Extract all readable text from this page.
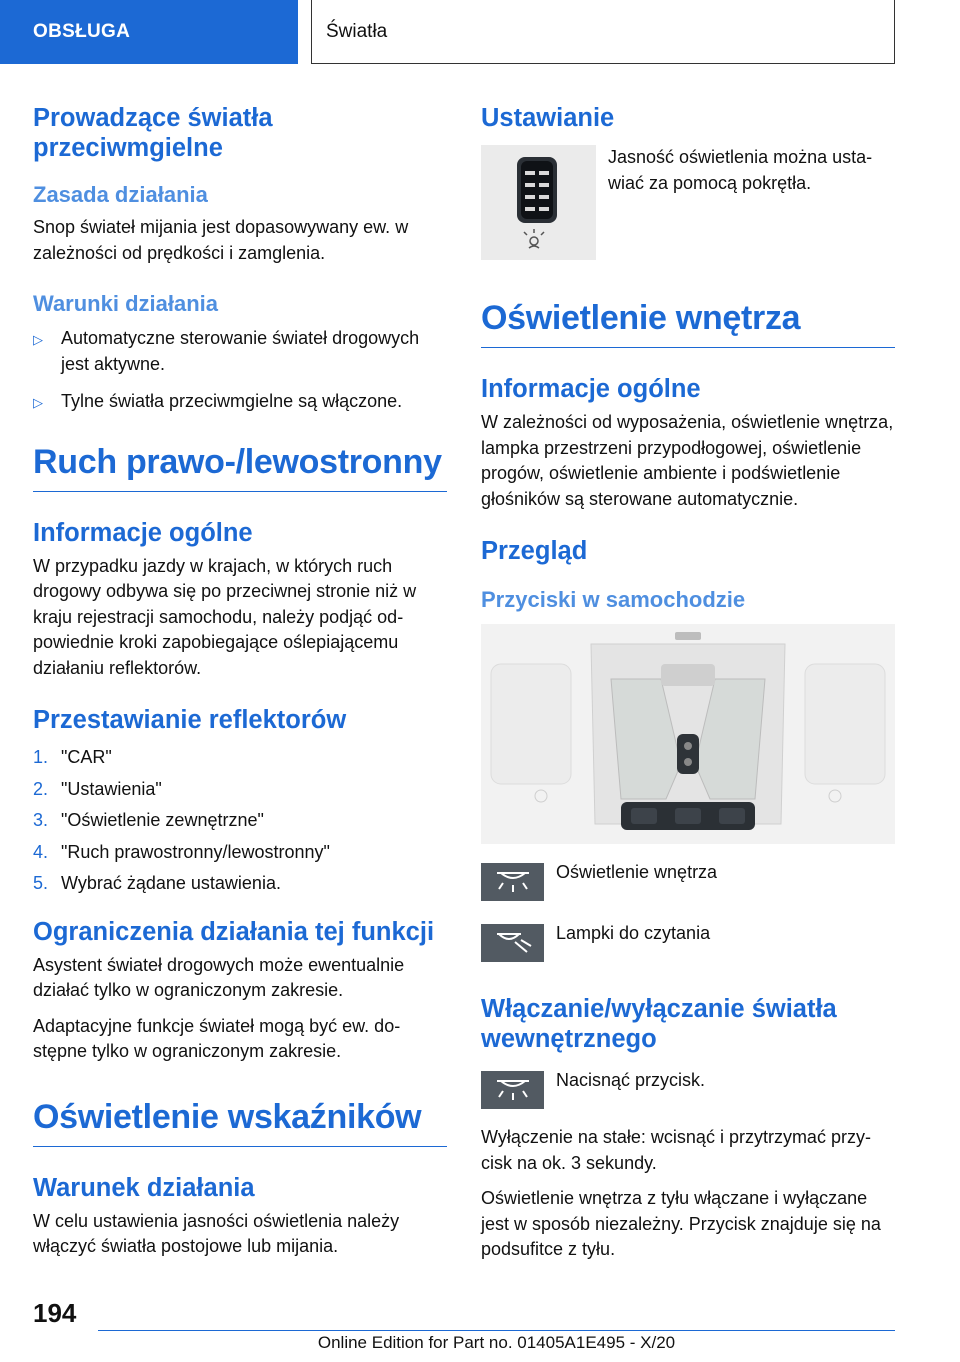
OBSŁUGA	Światła
Prowadzące światła przeciwmgielne
Zasada działania
Snop świateł mijania jest dopasowywany ew. w zależności od prędkości i zamglenia.
Warunki działania
▷	Automatyczne sterowanie świateł drogowych jest aktywne.
▷	Tylne światła przeciwmgielne są włączone.
Ruch prawo-/lewostronny
Informacje ogólne
W przypadku jazdy w krajach, w których ruch drogowy odbywa się po przeciwnej stronie niż w kraju rejestracji samochodu, należy podjąć odpowiednie kroki zapobiegające oślepiającemu działaniu reflektorów.
Przestawianie reflektorów
1. "CAR"
2. "Ustawienia"
3. "Oświetlenie zewnętrzne"
4. "Ruch prawostronny/lewostronny"
5. Wybrać żądane ustawienia.
Ograniczenia działania tej funkcji
Asystent świateł drogowych może ewentualnie działać tylko w ograniczonym zakresie.
Adaptacyjne funkcje świateł mogą być ew. dostępne tylko w ograniczonym zakresie.
Oświetlenie wskaźników
Warunek działania
W celu ustawienia jasności oświetlenia należy włączyć światła postojowe lub mijania.
Ustawianie
Jasność oświetlenia można ustawiać za pomocą pokrętła.
Oświetlenie wnętrza
Informacje ogólne
W zależności od wyposażenia, oświetlenie wnętrza, lampka przestrzeni przypodłogowej, oświetlenie progów, oświetlenie ambiente i podświetlenie głośników są sterowane automatycznie.
Przegląd
Przyciski w samochodzie
Oświetlenie wnętrza
Lampki do czytania
Włączanie/wyłączanie światła wewnętrznego
Nacisnąć przycisk.
Wyłączenie na stałe: wcisnąć i przytrzymać przycisk na ok. 3 sekundy.
Oświetlenie wnętrza z tyłu włączane i wyłączane jest w sposób niezależny. Przycisk znajduje się na podsufitce z tyłu.
194
Online Edition for Part no. 01405A1E495 - X/20
